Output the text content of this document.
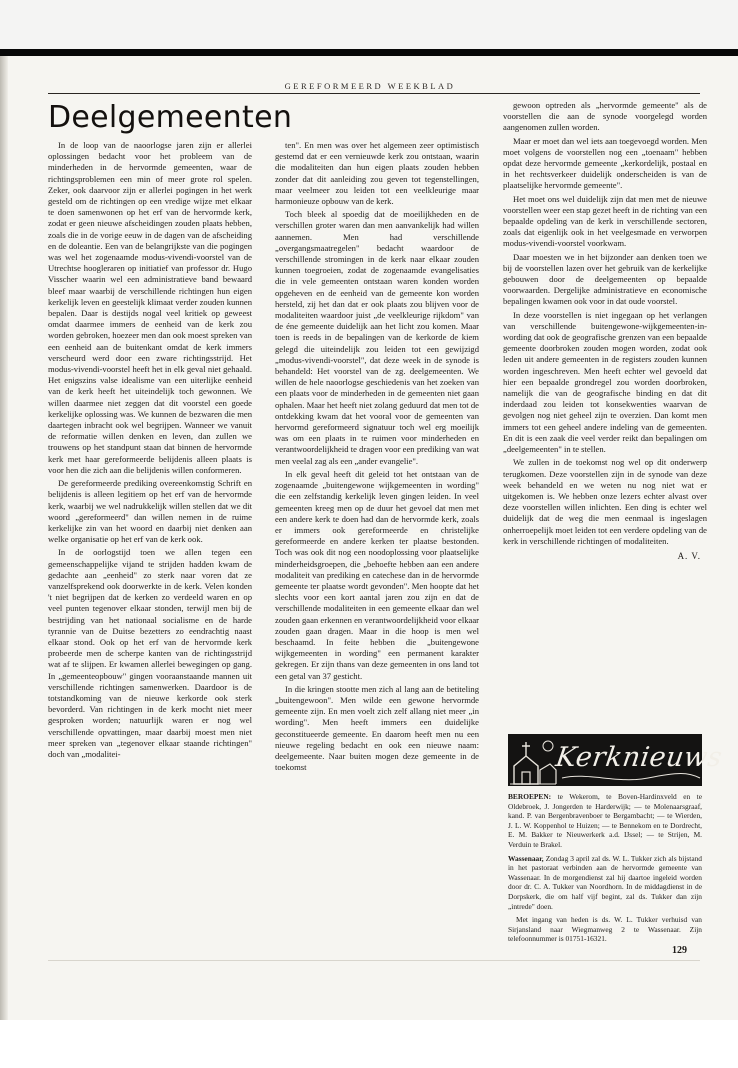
GEREFORMEERD WEEKBLAD
Deelgemeenten

In de loop van de naoorlogse jaren zijn er allerlei oplossingen bedacht voor het probleem van de minderheden in de hervormde gemeenten, waar de richtingsproblemen een min of meer grote rol spelen. Zeker, ook daarvoor zijn er allerlei pogingen in het werk gesteld om de richtingen op een vredige wijze met elkaar te doen samenwonen op het erf van de hervormde kerk, zodat er geen nieuwe afscheidingen zouden plaats hebben, zoals die in de vorige eeuw in de dagen van de afscheiding en de doleantie. Een van de belangrijkste van die pogingen was wel het zogenaamde modus-vivendi-voorstel van de Utrechtse hoogleraren op initiatief van professor dr. Hugo Visscher waarin wel een administratieve band bewaard bleef maar waarbij de verschillende richtingen hun eigen kerkelijk leven en geestelijk klimaat verder zouden kunnen bepalen. Daar is destijds nogal veel kritiek op geweest omdat daarmee immers de eenheid van de kerk zou worden gebroken, hoezeer men dan ook moest spreken van een eenheid aan de buitenkant omdat de kerk immers verscheurd werd door een zware richtingsstrijd. Het modus-vivendi-voorstel heeft het in elk geval niet gehaald. Het enigszins valse idealisme van een uiterlijke eenheid van de kerk heeft het uiteindelijk toch gewonnen. We willen daarmee niet zeggen dat dit voorstel een goede kerkelijke oplossing was. We kunnen de bezwaren die men daartegen inbracht ook wel begrijpen. Wanneer we vanuit de reformatie willen denken en leven, dan zullen we trouwens op het standpunt staan dat binnen de hervormde kerk met haar gereformeerde belijdenis alleen plaats is voor hen die zich aan die belijdenis willen conformeren.

De gereformeerde prediking overeenkomstig Schrift en belijdenis is alleen legitiem op het erf van de hervormde kerk, waarbij we wel nadrukkelijk willen stellen dat we dit woord „gereformeerd" dan willen nemen in de ruime kerkelijke zin van het woord en daarbij niet denken aan welke organisatie op het erf van de kerk ook.

In de oorlogstijd toen we allen tegen een gemeenschappelijke vijand te strijden hadden kwam de gedachte aan „eenheid" zo sterk naar voren dat ze vanzelfsprekend ook doorwerkte in de kerk. Velen konden 't niet begrijpen dat de kerken zo verdeeld waren en op veel punten tegenover elkaar stonden, terwijl men bij de bestrijding van het nationaal socialisme en de harde tyrannie van de Duitse bezetters zo eendrachtig naast elkaar stond. Ook op het erf van de hervormde kerk probeerde men de scherpe kanten van de richtingsstrijd wat af te slijpen. Er kwamen allerlei bewegingen op gang. In „gemeenteopbouw" gingen vooraanstaande mannen uit verschillende richtingen samenwerken. Daardoor is de totstandkoming van de nieuwe kerkorde ook sterk bevorderd. Van richtingen in de kerk mocht niet meer gesproken worden; natuurlijk waren er nog wel verschillende opvattingen, maar daarbij moest men niet meer spreken van „tegenover elkaar staande richtingen" doch van „modalitei-

ten". En men was over het algemeen zeer optimistisch gestemd dat er een vernieuwde kerk zou ontstaan, waarin die modaliteiten dan hun eigen plaats zouden hebben zonder dat dit aanleiding zou geven tot tegenstellingen, maar veelmeer zou leiden tot een veelkleurige maar harmonieuze opbouw van de kerk.

Toch bleek al spoedig dat de moeilijkheden en de verschillen groter waren dan men aanvankelijk had willen aannemen. Men had verschillende „overgangsmaatregelen" bedacht waardoor de verschillende stromingen in de kerk naar elkaar zouden kunnen toegroeien, zodat de zogenaamde evangelisaties die in vele gemeenten ontstaan waren konden worden opgeheven en de eenheid van de gemeente kon worden hersteld, zij het dan dat er ook plaats zou blijven voor de modaliteiten waardoor juist „de veelkleurige rijkdom" van de éne gemeente duidelijk aan het licht zou komen. Maar toen is reeds in de bepalingen van de kerkorde de kiem gelegd die uiteindelijk zou leiden tot een gewijzigd „modus-vivendi-voorstel", dat deze week in de synode is behandeld: Het voorstel van de zg. deelgemeenten. We willen de hele naoorlogse geschiedenis van het zoeken van een plaats voor de minderheden in de gemeenten niet gaan ophalen. Maar het heeft niet zolang geduurd dat men tot de ontdekking kwam dat het vooral voor de gemeenten van hervormd gereformeerd signatuur toch wel erg moeilijk was om een plaats in te ruimen voor minderheden en verantwoordelijkheid te dragen voor een prediking van wat men veelal zag als een „ander evangelie".

In elk geval heeft dit geleid tot het ontstaan van de zogenaamde „buitengewone wijkgemeenten in wording" die een zelfstandig kerkelijk leven gingen leiden. In veel gemeenten kreeg men op de duur het gevoel dat men met een andere kerk te doen had dan de hervormde kerk, zoals er immers ook gereformeerde en christelijke gereformeerde en andere kerken ter plaatse bestonden. Toch was ook dit nog een noodoplossing voor plaatselijke minderheidsgroepen, die „behoefte hebben aan een andere modaliteit van prediking en catechese dan in de hervormde gemeente ter plaatse wordt gevonden". Men hoopte dat het slechts voor een kort aantal jaren zou zijn en dat de verschillende modaliteiten in een gemeente elkaar dan wel zouden gaan erkennen en verantwoordelijkheid voor elkaar zouden gaan dragen. Maar in die hoop is men wel beschaamd. In feite hebben die „buitengewone wijkgemeenten in wording" een permanent karakter gekregen. Er zijn thans van deze gemeenten in ons land tot een getal van 37 gesticht.

In die kringen stootte men zich al lang aan de betiteling „buitengewoon". Men wilde een gewone hervormde gemeente zijn. En men voelt zich zelf allang niet meer „in wording". Men heeft immers een duidelijke geconstitueerde gemeente. En daarom heeft men nu een nieuwe regeling bedacht en ook een nieuwe naam: deelgemeente. Naar buiten mogen deze gemeente in de toekomst

gewoon optreden als „hervormde gemeente" als de voorstellen die aan de synode voorgelegd worden aangenomen zullen worden.

Maar er moet dan wel iets aan toegevoegd worden. Men moet volgens de voorstellen nog een „toenaam" hebben opdat deze hervormde gemeente „kerkordelijk, postaal en in het rechtsverkeer duidelijk onderscheiden is van de plaatselijke hervormde gemeente".

Het moet ons wel duidelijk zijn dat men met de nieuwe voorstellen weer een stap gezet heeft in de richting van een bepaalde opdeling van de kerk in verschillende sectoren, zoals dat eigenlijk ook in het veelgesmade en verworpen modus-vivendi-voorstel voorkwam.

Daar moesten we in het bijzonder aan denken toen we bij de voorstellen lazen over het gebruik van de kerkelijke gebouwen door de deelgemeenten op bepaalde voorwaarden. Dergelijke administratieve en economische bepalingen kwamen ook voor in dat oude voorstel.

In deze voorstellen is niet ingegaan op het verlangen van verschillende buitengewone-wijkgemeenten-in-wording dat ook de geografische grenzen van een bepaalde gemeente doorbroken zouden mogen worden, zodat ook leden uit andere gemeenten in de registers zouden kunnen worden ingeschreven. Men heeft echter wel gevoeld dat hier een bepaalde grondregel zou worden doorbroken, namelijk die van de geografische binding en dat dit inderdaad zou leiden tot konsekwenties waarvan de gevolgen nog niet geheel zijn te overzien. Dan komt men immers tot een geheel andere indeling van de gemeenten. En dit is een zaak die veel verder reikt dan bepalingen om „deelgemeenten" in te stellen.

We zullen in de toekomst nog wel op dit onderwerp terugkomen. Deze voorstellen zijn in de synode van deze week behandeld en we weten nu nog niet wat er uitgekomen is. We hebben onze lezers echter alvast over deze voorstellen willen inlichten. Een ding is echter wel duidelijk dat de weg die men eenmaal is ingeslagen onherroepelijk moet leiden tot een verdere opdeling van de kerk in verschillende richtingen of modaliteiten.

A. V.
Kerknieuws

BEROEPEN: te Wekerom, te Boven-Hardinxveld en te Oldebroek, J. Jongerden te Harderwijk; — te Molenaarsgraaf, kand. P. van Bergenbravenboer te Bergambacht; — te Wierden, J. L. W. Koppenhol te Huizen; — te Bennekom en te Dordrecht, E. M. Bakker te Nieuwerkerk a.d. IJssel; — te Strijen, M. Verduin te Brakel.

Wassenaar, Zondag 3 april zal ds. W. L. Tukker zich als bijstand in het pastoraat verbinden aan de hervormde gemeente van Wassenaar. In de morgendienst zal hij daartoe ingeleid worden door dr. C. A. Tukker van Noordhorn. In de middagdienst in de Dorpskerk, die om half vijf begint, zal ds. Tukker dan zijn „intrede" doen.

Met ingang van heden is ds. W. L. Tukker verhuisd van Sirjansland naar Wiegmanweg 2 te Wassenaar. Zijn telefoonnummer is 01751-16321.

129
